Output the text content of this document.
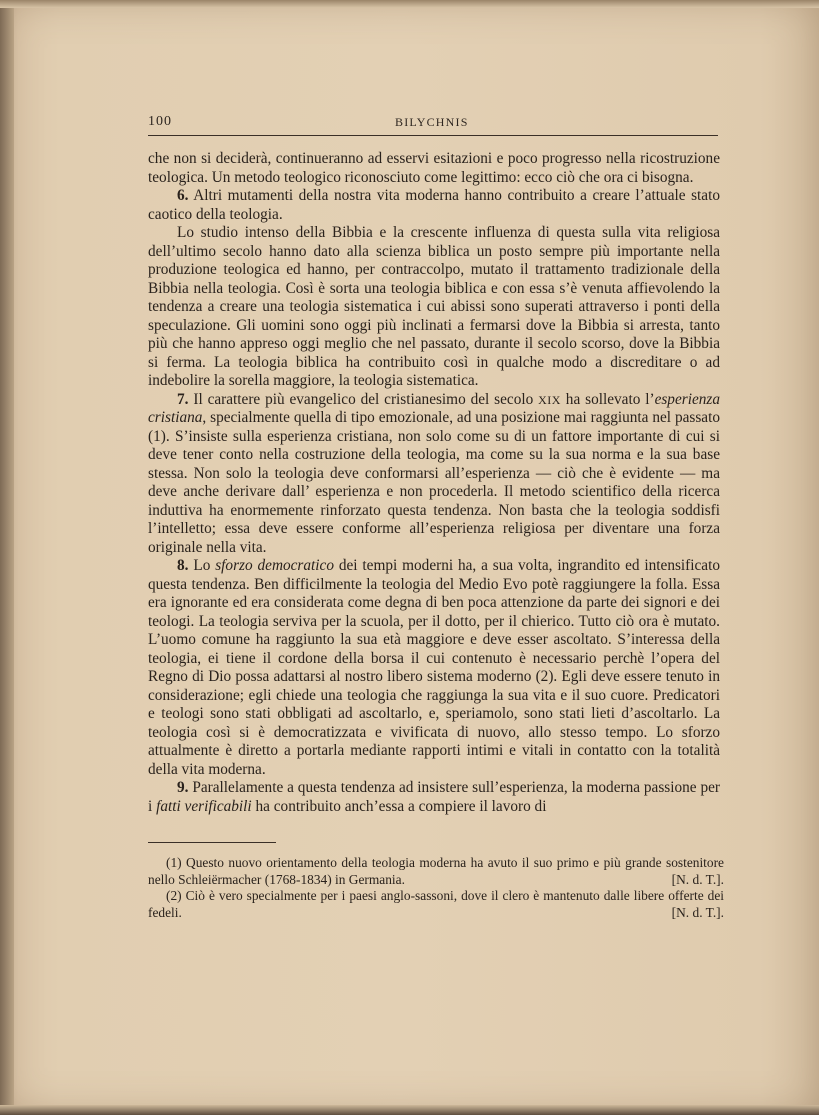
100	BILYCHNIS

che non si deciderà, continueranno ad esservi esitazioni e poco progresso nella ricostruzione teologica. Un metodo teologico riconosciuto come legittimo: ecco ciò che ora ci bisogna.

6. Altri mutamenti della nostra vita moderna hanno contribuito a creare l’attuale stato caotico della teologia.

Lo studio intenso della Bibbia e la crescente influenza di questa sulla vita religiosa dell’ultimo secolo hanno dato alla scienza biblica un posto sempre più importante nella produzione teologica ed hanno, per contraccolpo, mutato il trattamento tradizionale della Bibbia nella teologia. Così è sorta una teologia biblica e con essa s’è venuta affievolendo la tendenza a creare una teologia sistematica i cui abissi sono superati attraverso i ponti della speculazione. Gli uomini sono oggi più inclinati a fermarsi dove la Bibbia si arresta, tanto più che hanno appreso oggi meglio che nel passato, durante il secolo scorso, dove la Bibbia si ferma. La teologia biblica ha contribuito così in qualche modo a discreditare o ad indebolire la sorella maggiore, la teologia sistematica.

7. Il carattere più evangelico del cristianesimo del secolo XIX ha sollevato l’esperienza cristiana, specialmente quella di tipo emozionale, ad una posizione mai raggiunta nel passato (1). S’insiste sulla esperienza cristiana, non solo come su di un fattore importante di cui si deve tener conto nella costruzione della teologia, ma come su la sua norma e la sua base stessa. Non solo la teologia deve conformarsi all’esperienza — ciò che è evidente — ma deve anche derivare dall’ esperienza e non procederla. Il metodo scientifico della ricerca induttiva ha enormemente rinforzato questa tendenza. Non basta che la teologia soddisfi l’intelletto; essa deve essere conforme all’esperienza religiosa per diventare una forza originale nella vita.

8. Lo sforzo democratico dei tempi moderni ha, a sua volta, ingrandito ed intensificato questa tendenza. Ben difficilmente la teologia del Medio Evo potè raggiungere la folla. Essa era ignorante ed era considerata come degna di ben poca attenzione da parte dei signori e dei teologi. La teologia serviva per la scuola, per il dotto, per il chierico. Tutto ciò ora è mutato. L’uomo comune ha raggiunto la sua età maggiore e deve esser ascoltato. S’interessa della teologia, ei tiene il cordone della borsa il cui contenuto è necessario perchè l’opera del Regno di Dio possa adattarsi al nostro libero sistema moderno (2). Egli deve essere tenuto in considerazione; egli chiede una teologia che raggiunga la sua vita e il suo cuore. Predicatori e teologi sono stati obbligati ad ascoltarlo, e, speriamolo, sono stati lieti d’ascoltarlo. La teologia così si è democratizzata e vivificata di nuovo, allo stesso tempo. Lo sforzo attualmente è diretto a portarla mediante rapporti intimi e vitali in contatto con la totalità della vita moderna.

9. Parallelamente a questa tendenza ad insistere sull’esperienza, la moderna passione per i fatti verificabili ha contribuito anch’essa a compiere il lavoro di

(1) Questo nuovo orientamento della teologia moderna ha avuto il suo primo e più grande sostenitore nello Schleiërmacher (1768-1834) in Germania.	[N. d. T.].

(2) Ciò è vero specialmente per i paesi anglo-sassoni, dove il clero è mantenuto dalle libere offerte dei fedeli.	[N. d. T.].
